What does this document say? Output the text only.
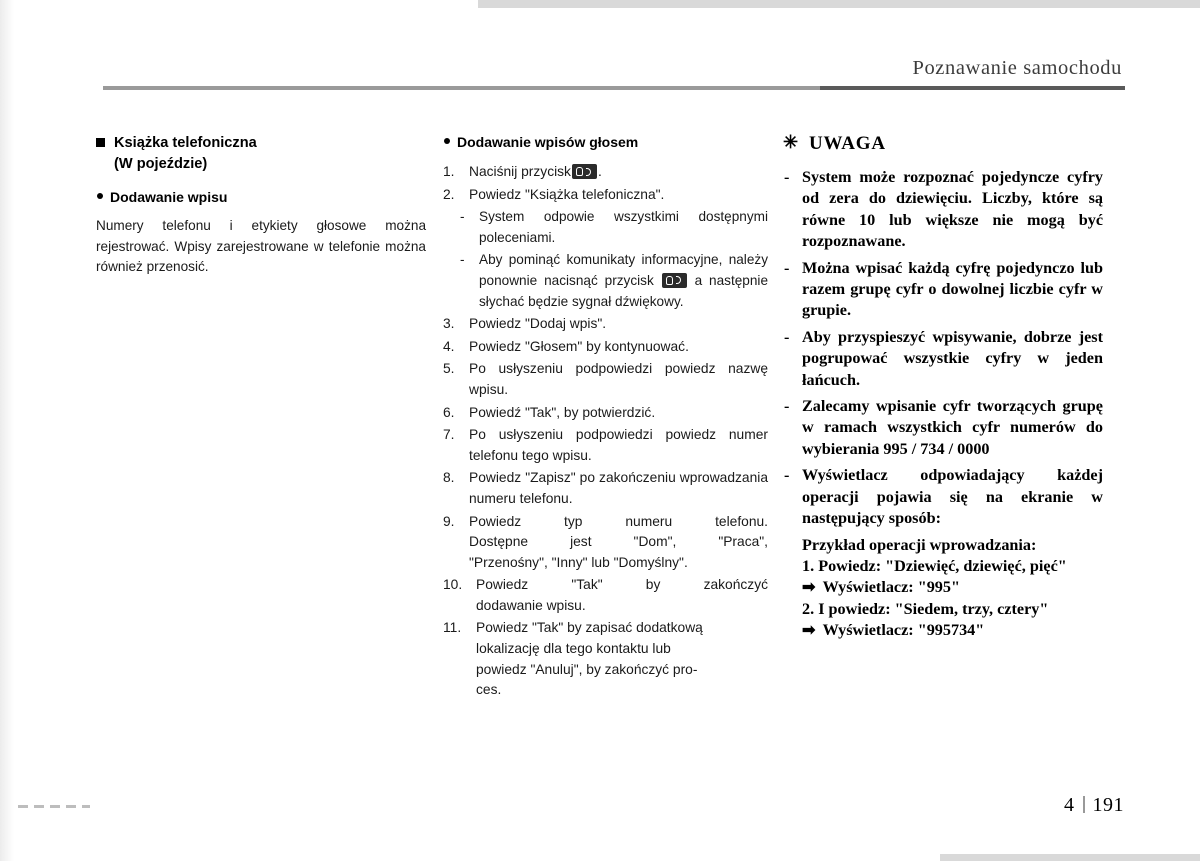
Poznawanie samochodu
Książka telefoniczna
(W pojeździe)
Dodawanie wpisu
Numery telefonu i etykiety głosowe można rejestrować. Wpisy zarejestrowane w telefonie można również przenosić.
Dodawanie wpisów głosem
1.	Naciśnij przycisk .
2.	Powiedz "Książka telefoniczna".
- System odpowie wszystkimi dostępnymi poleceniami.
- Aby pominąć komunikaty informacyjne, należy ponownie nacisnąć przycisk	a następnie słychać będzie sygnał dźwiękowy.
3.	Powiedz "Dodaj wpis".
4.	Powiedz "Głosem" by kontynuować.
5.	Po usłyszeniu podpowiedzi powiedz nazwę wpisu.
6.	Powiedź "Tak", by potwierdzić.
7.	Po usłyszeniu podpowiedzi powiedz numer telefonu tego wpisu.
8.	Powiedz "Zapisz" po zakończeniu wprowadzania numeru telefonu.
9.	Powiedz typ numeru telefonu.
Dostępne jest "Dom", "Praca",
"Przenośny", "Inny" lub "Domyślny".
10.	Powiedz "Tak" by zakończyć
dodawanie wpisu.
11.	Powiedz "Tak" by zapisać dodatkową
lokalizację dla tego kontaktu lub
powiedz "Anuluj", by zakończyć pro-
ces.
✳ UWAGA
- System może rozpoznać pojedyncze cyfry od zera do dziewięciu. Liczby, które są równe 10 lub większe nie mogą być rozpoznawane.
- Można wpisać każdą cyfrę pojedynczo lub razem grupę cyfr o dowolnej liczbie cyfr w grupie.
- Aby przyspieszyć wpisywanie, dobrze jest pogrupować wszystkie cyfry w jeden łańcuch.
- Zalecamy wpisanie cyfr tworzących grupę w ramach wszystkich cyfr numerów do wybierania 995 / 734 / 0000
- Wyświetlacz odpowiadający każdej operacji pojawia się na ekranie w następujący sposób:
Przykład operacji wprowadzania:
1. Powiedz: "Dziewięć, dziewięć, pięć"
➡ Wyświetlacz: "995"
2. I powiedz: "Siedem, trzy, cztery"
➡ Wyświetlacz: "995734"
4 191
